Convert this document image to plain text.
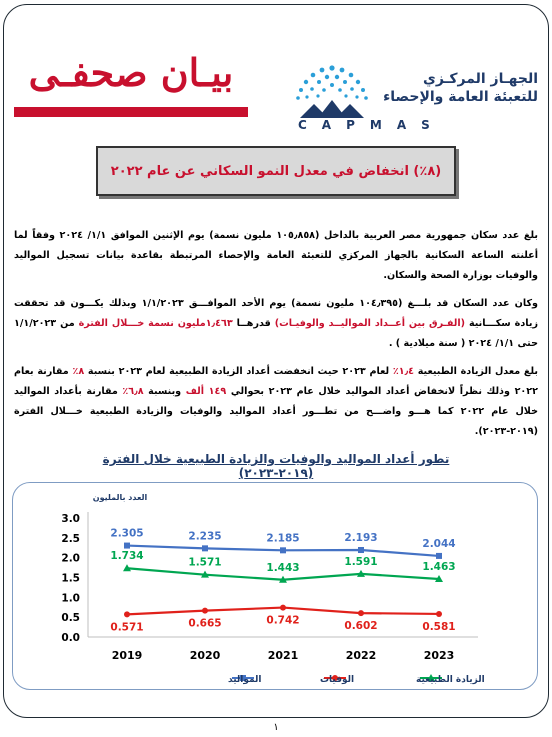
بيـان صحفـى	الجهـاز المركـزي
للتعبئة العامة والإحصاء
CAPMAS
(٨٪) انخفاض في معدل النمو السكاني عن عام ٢٠٢٢

بلغ عدد سكان جمهورية مصر العربية بالداخل (١٠٥٫٨٥٨ مليون نسمة) يوم الإثنين الموافق ١/١/ ٢٠٢٤ وفقاً لما أعلنته الساعة السكانية بالجهاز المركزي للتعبئة العامة والإحصاء المرتبطة بقاعدة بيانات تسجيل المواليد والوفيات بوزارة الصحة والسكان.

وكان عدد السكان قد بلـــغ (١٠٤٫٣٩٥ مليون نسمة) يوم الأحد الموافـــق ١/١/٢٠٢٣ وبذلك يكـــون قد تحققت زيادة سكـــانية (الفـرق بين أعــداد المواليــد والوفيـات) قدرهــا ١٫٤٦٣مليون نسمة خـــلال الفترة من ١/١/٢٠٢٣ حتى ١/١/ ٢٠٢٤ ( سنة ميلادية ) .

بلغ معدل الزيادة الطبيعية ١٫٤٪ لعام ٢٠٢٣ حيث انخفضت أعداد الزيادة الطبيعية لعام ٢٠٢٣ بنسبة ٨٪ مقارنة بعام ٢٠٢٢ وذلك نظراً لانخفاض أعداد المواليد خلال عام ٢٠٢٣ بحوالي ١٤٩ ألف وبنسبة ٦٫٨٪ مقارنة بأعداد المواليد خلال عام ٢٠٢٢ كما هـــو واضـــح من تطـــور أعداد المواليد والوفيات والزيادة الطبيعية خـــلال الفترة (٢٠١٩-٢٠٢٣).

تطور أعداد المواليد والوفيات والزيادة الطبيعية خلال الفترة (٢٠١٩-٢٠٢٣)
العدد بالمليون
0.0
0.5
1.0
1.5
2.0
2.5
3.0
2019	2020	2021	2022	2023
2.305	2.235	2.185	2.193	2.044
1.734
1.571	1.443	1.591	1.463
0.571	0.665	0.742	0.602	0.581
المواليد	الزيادة الطبيعية
الوفيات
١
